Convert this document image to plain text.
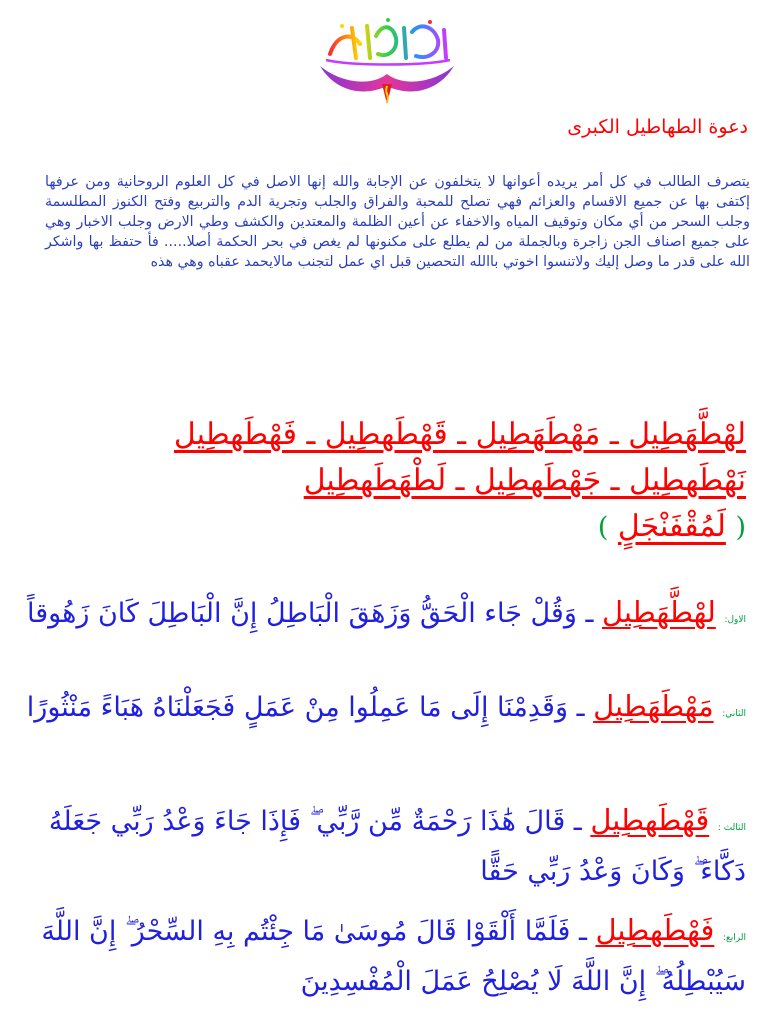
دعوة الطهاطيل الكبرى

يتصرف الطالب في كل أمر يريده أعوانها لا يتخلفون عن الإجابة والله إنها الاصل في كل العلوم الروحانية ومن عرفها إكتفى بها عن جميع الاقسام والعزائم فهي تصلح للمحبة والفراق والجلب وتجرية الدم والتربيع وفتح الكنوز المطلسمة وجلب السحر من أي مكان وتوقيف المياه والاخفاء عن أعين الظلمة والمعتدين والكشف وطي الارض وجلب الاخبار وهي على جميع اصناف الجن زاجرة وبالجملة من لم يطلع على مكنونها لم يغص في بحر الحكمة أصلا..... فأ حتفظ بها واشكر الله على قدر ما وصل إليك ولاتنسوا اخوتي باالله التحصين قبل اي عمل لتجنب مالايحمد عقباه وهي هذه

لهْطَّهَطِيل ـ مَهْطَهَطِيل ـ قَهْطَهطِيل ـ فَهْطَهطِيل
نَهْطَهطِيل ـ جَهْطَهطِيل ـ لَطْهَطَهطِيل
( لَمُقْفَنْجَلٍ )
الاول: لهْطَّهَطِيل ـ وَقُلْ جَاء الْحَقُّ وَزَهَقَ الْبَاطِلُ إِنَّ الْبَاطِلَ كَانَ زَهُوقاً
الثاني: مَهْطَهَطِيل ـ وَقَدِمْنَا إِلَى مَا عَمِلُوا مِنْ عَمَلٍ فَجَعَلْنَاهُ هَبَاءً مَنْثُورًا
الثالث : قَهْطَهطِيل ـ قَالَ هَٰذَا رَحْمَةٌ مِّن رَّبِّي ۖ فَإِذَا جَاءَ وَعْدُ رَبِّي جَعَلَهُ دَكَّاءَ ۖ وَكَانَ وَعْدُ رَبِّي حَقًّا
الرابع: فَهْطَهطِيل ـ فَلَمَّا أَلْقَوْا قَالَ مُوسَىٰ مَا جِئْتُم بِهِ السِّحْرُ ۖ إِنَّ اللَّهَ سَيُبْطِلُهُ ۖ إِنَّ اللَّهَ لَا يُصْلِحُ عَمَلَ الْمُفْسِدِينَ
